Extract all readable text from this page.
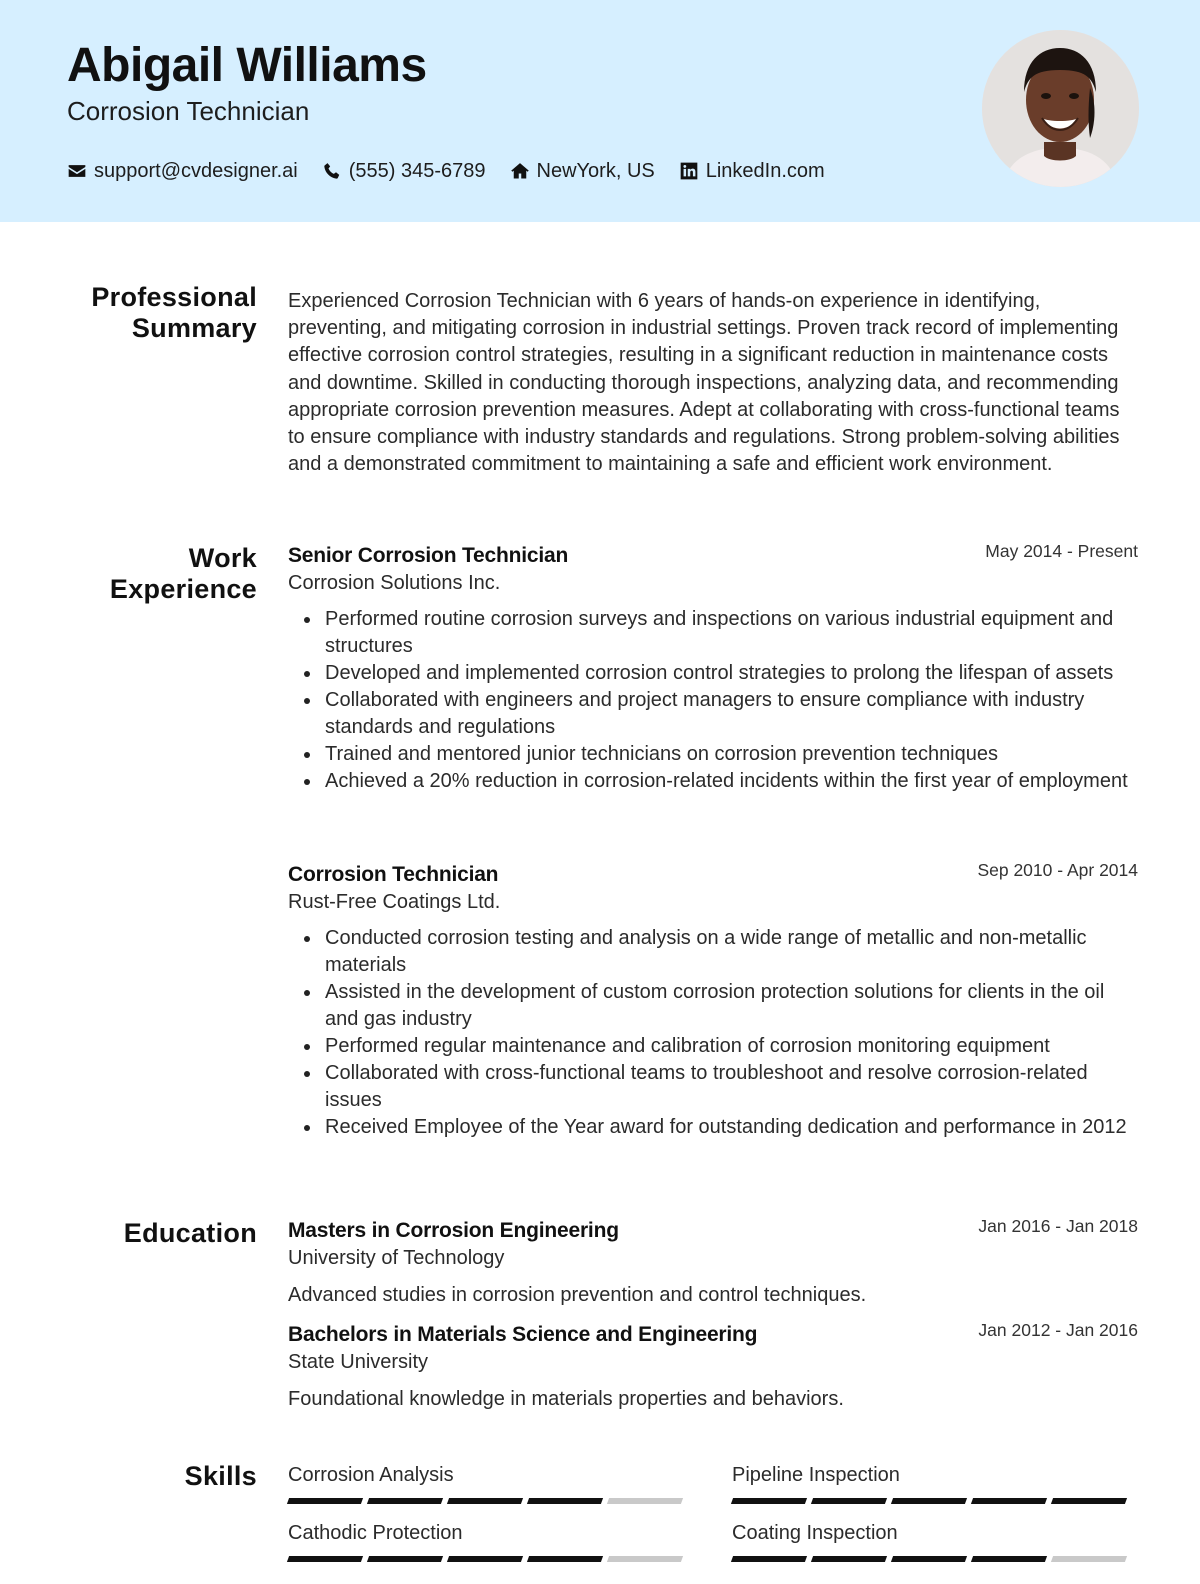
Abigail Williams
Corrosion Technician
support@cvdesigner.ai	(555) 345-6789	NewYork, US	LinkedIn.com
Professional
Summary

Experienced Corrosion Technician with 6 years of hands-on experience in identifying, preventing, and mitigating corrosion in industrial settings. Proven track record of implementing effective corrosion control strategies, resulting in a significant reduction in maintenance costs and downtime. Skilled in conducting thorough inspections, analyzing data, and recommending appropriate corrosion prevention measures. Adept at collaborating with cross-functional teams to ensure compliance with industry standards and regulations. Strong problem-solving abilities and a demonstrated commitment to maintaining a safe and efficient work environment.

Work
Experience
Senior Corrosion Technician	May 2014 - Present
Corrosion Solutions Inc.
Performed routine corrosion surveys and inspections on various industrial equipment and structures
Developed and implemented corrosion control strategies to prolong the lifespan of assets
Collaborated with engineers and project managers to ensure compliance with industry standards and regulations
Trained and mentored junior technicians on corrosion prevention techniques
Achieved a 20% reduction in corrosion-related incidents within the first year of employment
Corrosion Technician	Sep 2010 - Apr 2014
Rust-Free Coatings Ltd.
Conducted corrosion testing and analysis on a wide range of metallic and non-metallic materials
Assisted in the development of custom corrosion protection solutions for clients in the oil and gas industry
Performed regular maintenance and calibration of corrosion monitoring equipment
Collaborated with cross-functional teams to troubleshoot and resolve corrosion-related issues
Received Employee of the Year award for outstanding dedication and performance in 2012
Education Masters in Corrosion Engineering	Jan 2016 - Jan 2018
University of Technology
Advanced studies in corrosion prevention and control techniques.
Bachelors in Materials Science and Engineering	Jan 2012 - Jan 2016
State University
Foundational knowledge in materials properties and behaviors.
Skills Corrosion Analysis	Pipeline Inspection
Cathodic Protection	Coating Inspection
